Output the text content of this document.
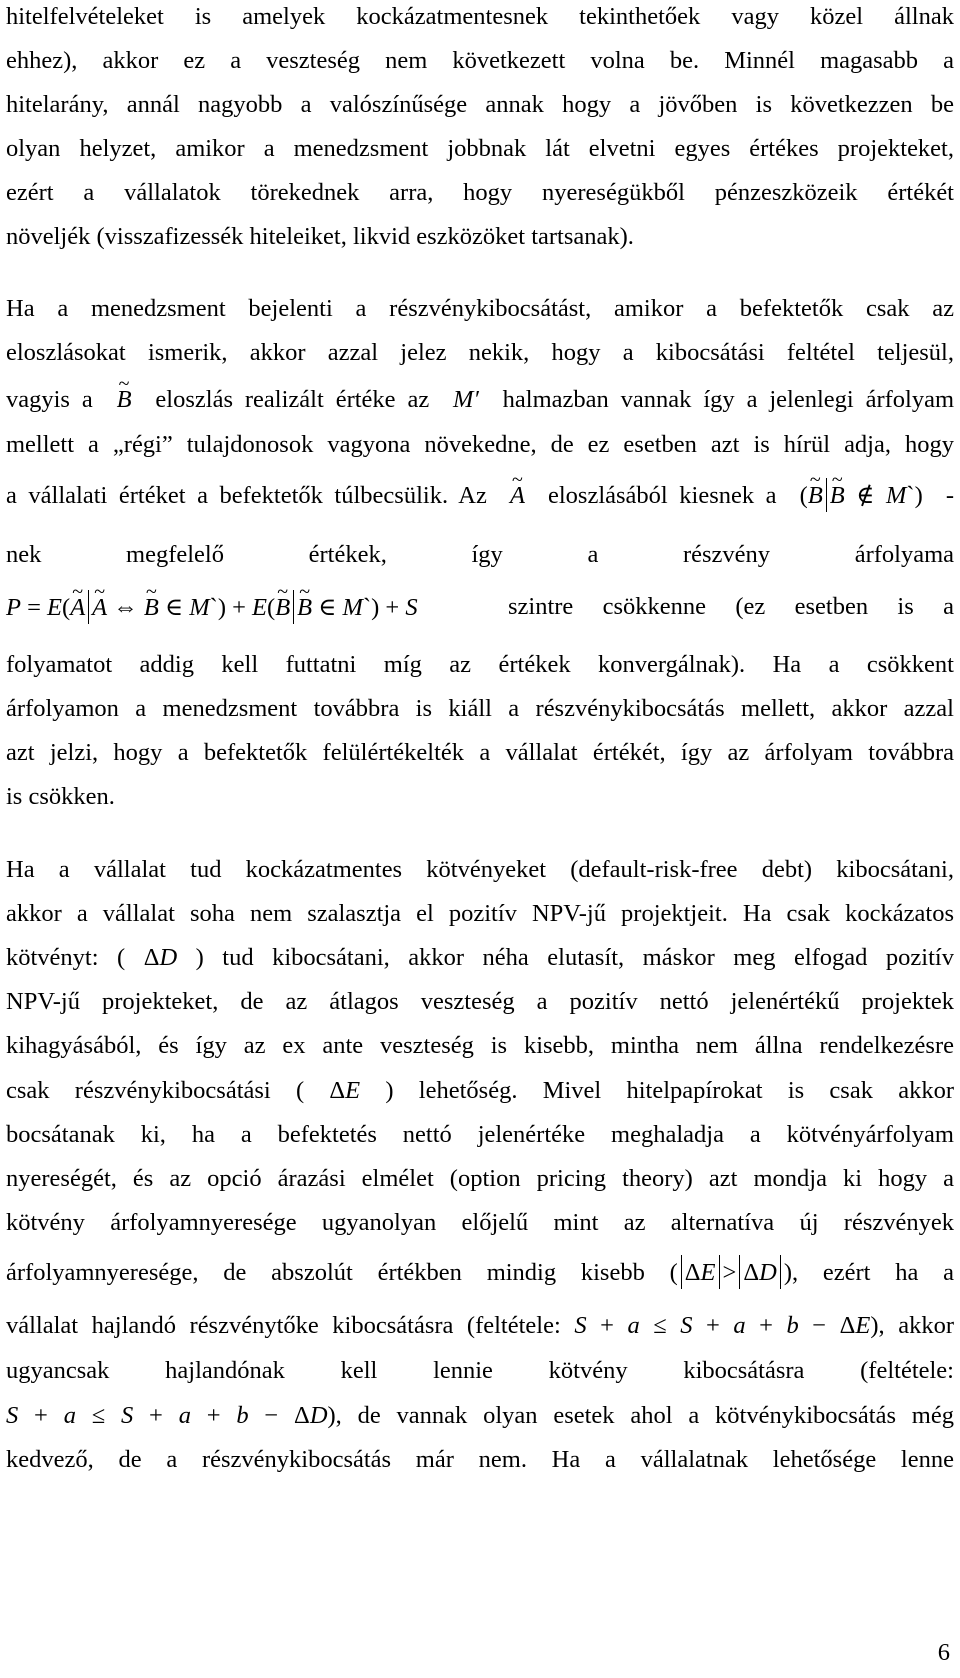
hitelfelvételeket is amelyek kockázatmentesnek tekinthetőek vagy közel állnak
ehhez), akkor ez a veszteség nem következett volna be. Minnél magasabb a
hitelarány, annál nagyobb a valószínűsége annak hogy a jövőben is következzen be
olyan helyzet, amikor a menedzsment jobbnak lát elvetni egyes értékes projekteket,
ezért a vállalatok törekednek arra, hogy nyereségükből pénzeszközeik értékét
növeljék (visszafizessék hiteleiket, likvid eszközöket tartsanak).
Ha a menedzsment bejelenti a részvénykibocsátást, amikor a befektetők csak az
eloszlásokat ismerik, akkor azzal jelez nekik, hogy a kibocsátási feltétel teljesül,
vagyis a ~ B eloszlás realizált értéke az  M′  halmazban vannak így a jelenlegi árfolyam
mellett a „régi” tulajdonosok vagyona növekedne, de ez esetben azt is hírül adja, hogy
a vállalati értéket a befektetők túlbecsülik. Az ~ A eloszlásából kiesnek a  (~ B ~ B ∉ M`)  -
nek megfelelő értékek, így a részvény árfolyama
P = E(~ A ~ A ⇔ ~ B ∈ M`) + E(~ B ~ B ∈ M`) + S	szintre csökkenne (ez esetben is a
folyamatot addig kell futtatni míg az értékek konvergálnak). Ha a csökkent
árfolyamon a menedzsment továbbra is kiáll a részvénykibocsátás mellett, akkor azzal
azt jelzi, hogy a befektetők felülértékelték a vállalat értékét, így az árfolyam továbbra
is csökken.
Ha a vállalat tud kockázatmentes kötvényeket (default-risk-free debt) kibocsátani,
akkor a vállalat soha nem szalasztja el pozitív NPV-jű projektjeit. Ha csak kockázatos
kötvényt: ( ΔD ) tud kibocsátani, akkor néha elutasít, máskor meg elfogad pozitív
NPV-jű projekteket, de az átlagos veszteség a pozitív nettó jelenértékű projektek
kihagyásából, és így az ex ante veszteség is kisebb, mintha nem állna rendelkezésre
csak részvénykibocsátási ( ΔE ) lehetőség. Mivel hitelpapírokat is csak akkor
bocsátanak ki, ha a befektetés nettó jelenértéke meghaladja a kötvényárfolyam
nyereségét, és az opció árazási elmélet (option pricing theory) azt mondja ki hogy a
kötvény árfolyamnyeresége ugyanolyan előjelű mint az alternatíva új részvények
árfolyamnyeresége, de abszolút értékben mindig kisebb ( ΔE > ΔD ), ezért ha a
vállalat hajlandó részvénytőke kibocsátásra (feltétele: S + a ≤ S + a + b − ΔE), akkor
ugyancsak hajlandónak kell lennie kötvény kibocsátásra (feltétele:
S + a ≤ S + a + b − ΔD), de vannak olyan esetek ahol a kötvénykibocsátás még
kedvező, de a részvénykibocsátás már nem. Ha a vállalatnak lehetősége lenne
6
